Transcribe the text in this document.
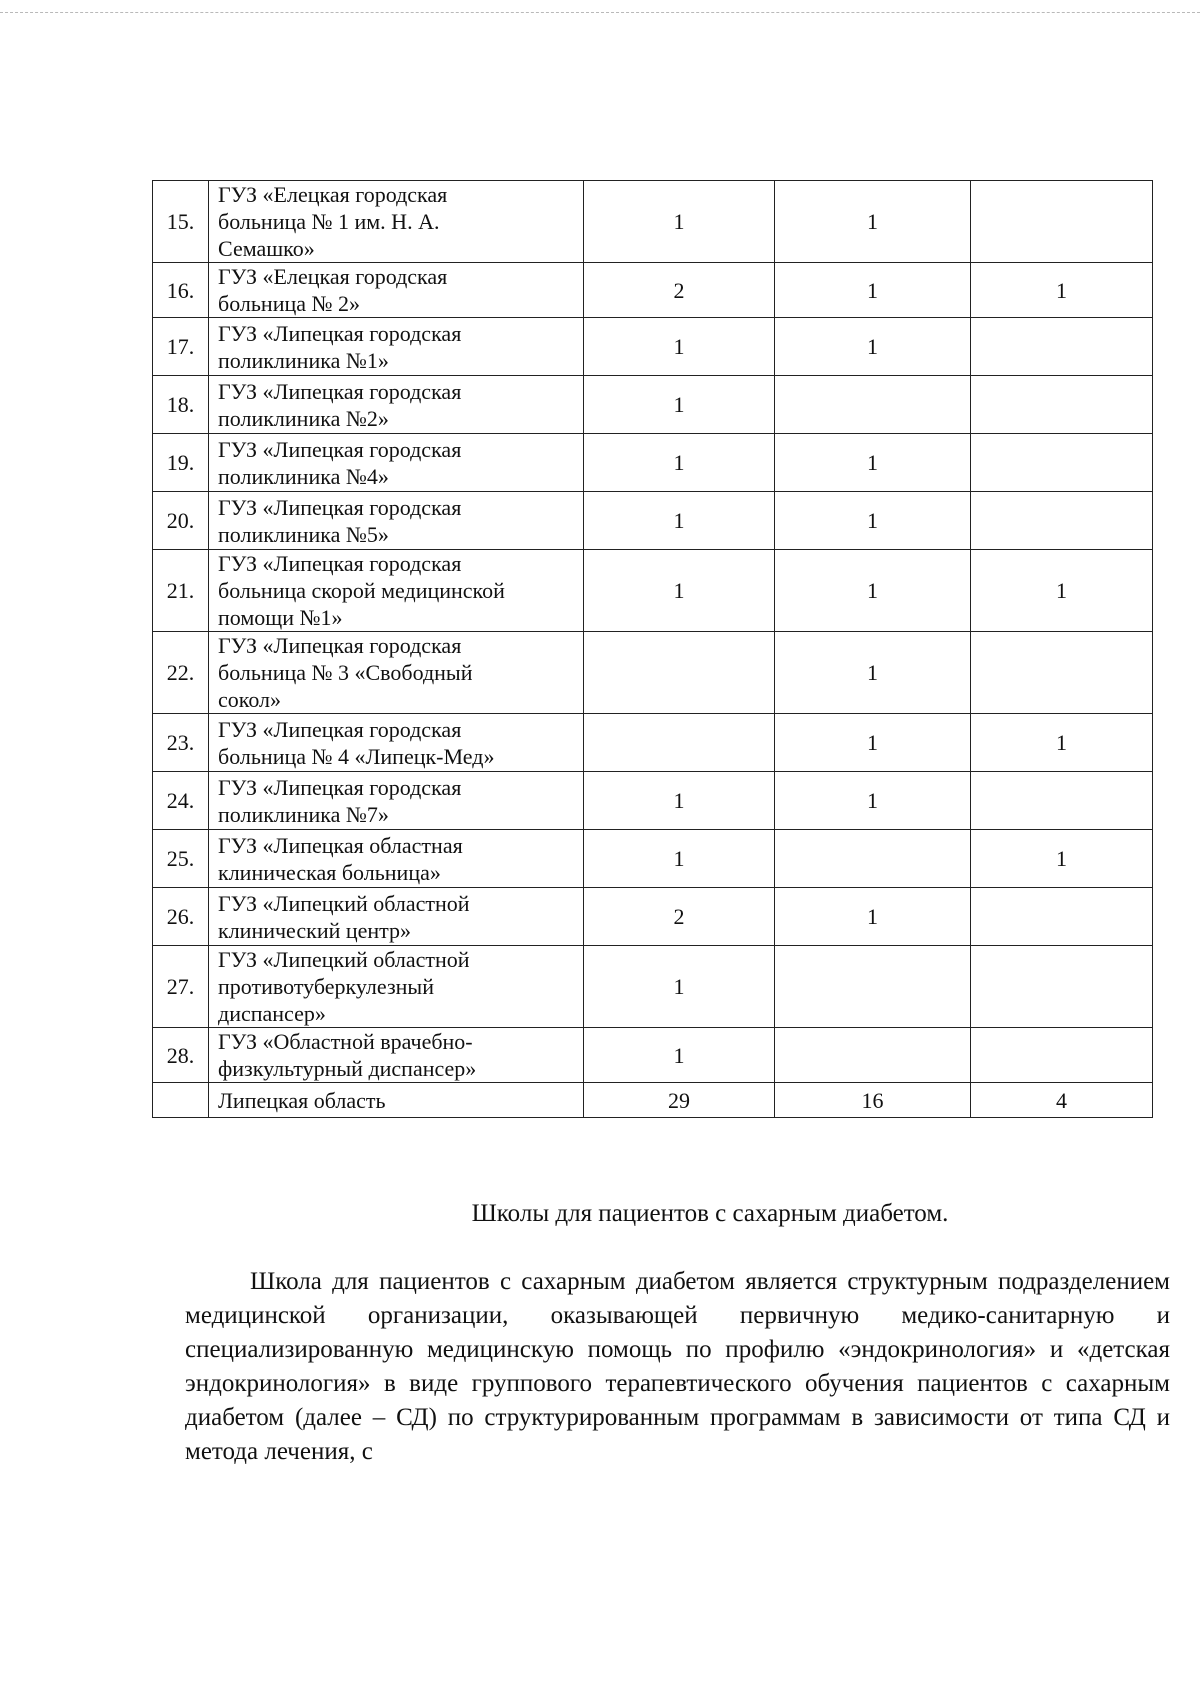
15.	ГУЗ «Елецкая городская
больница № 1 им. Н. А.
Семашко»	1	1	
16.	ГУЗ «Елецкая городская
больница № 2»	2	1	1
17.	ГУЗ «Липецкая городская
поликлиника №1»	1	1	
18.	ГУЗ «Липецкая городская
поликлиника №2»	1		
19.	ГУЗ «Липецкая городская
поликлиника №4»	1	1	
20.	ГУЗ «Липецкая городская
поликлиника №5»	1	1	
21.	ГУЗ «Липецкая городская
больница скорой медицинской
помощи №1»	1	1	1
22.	ГУЗ «Липецкая городская
больница № 3 «Свободный
сокол»		1	
23.	ГУЗ «Липецкая городская
больница № 4 «Липецк-Мед»		1	1
24.	ГУЗ «Липецкая городская
поликлиника №7»	1	1	
25.	ГУЗ «Липецкая областная
клиническая больница»	1		1
26.	ГУЗ «Липецкий областной
клинический центр»	2	1	
27.	ГУЗ «Липецкий областной
противотуберкулезный
диспансер»	1		
28.	ГУЗ «Областной врачебно-
физкультурный диспансер»	1		
	Липецкая область	29	16	4
Школы для пациентов с сахарным диабетом.

Школа для пациентов с сахарным диабетом является структурным подразделением медицинской организации, оказывающей первичную медико-санитарную и специализированную медицинскую помощь по профилю «эндокринология» и «детская эндокринология» в виде группового терапевтического обучения пациентов с сахарным диабетом (далее – СД) по структурированным программам в зависимости от типа СД и метода лечения, с
